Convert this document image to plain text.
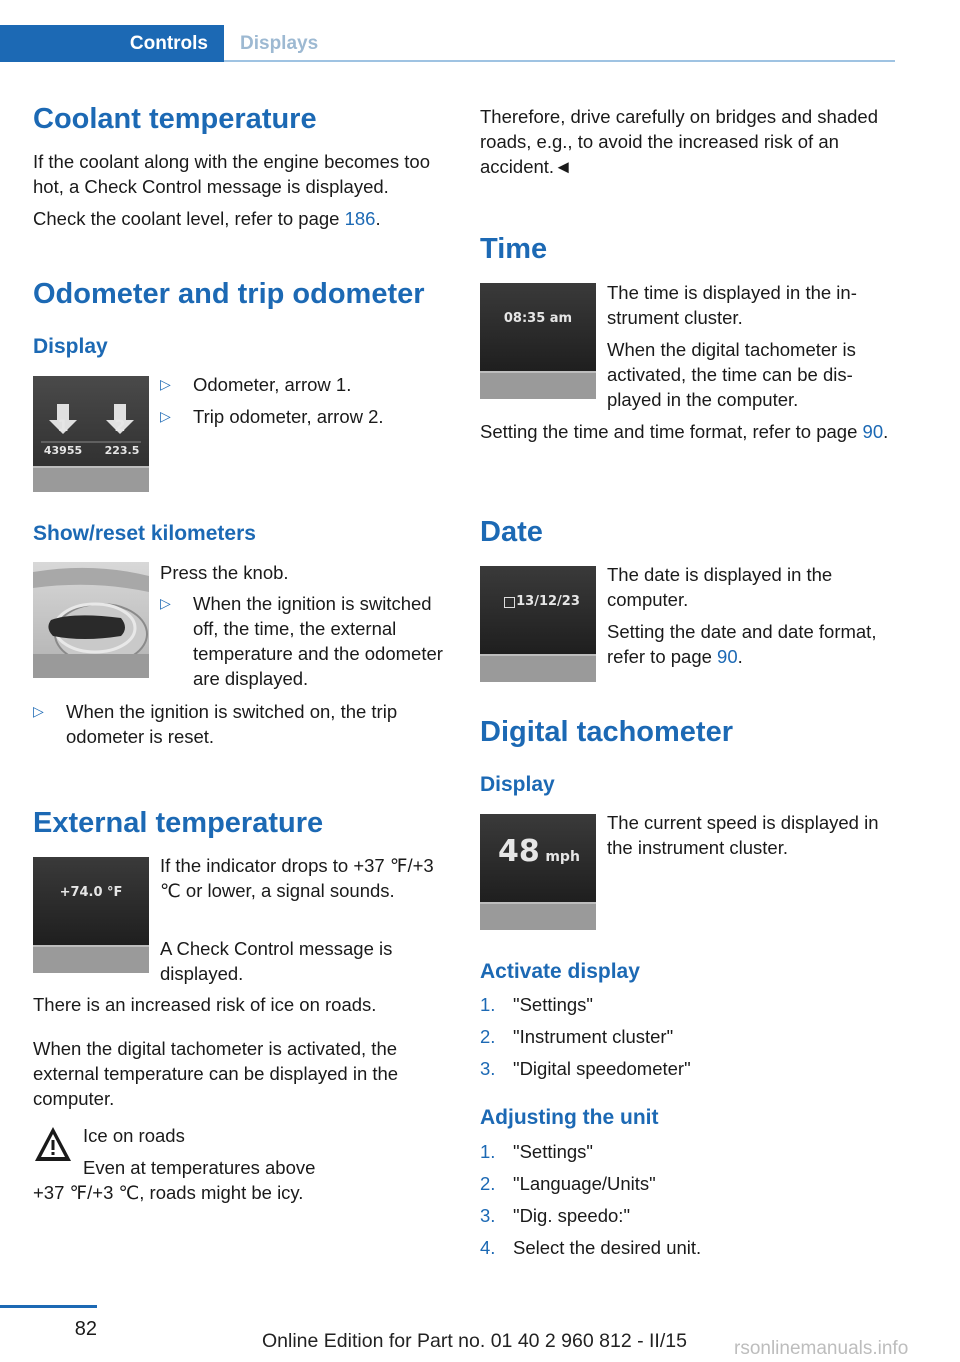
Controls	Displays
Coolant temperature
If the coolant along with the engine becomes too hot, a Check Control message is displayed.
Check the coolant level, refer to page 186.
Odometer and trip odometer
Display
1	2
43955	223.5
▷ Odometer, arrow 1.
▷ Trip odometer, arrow 2.
Show/reset kilometers
Press the knob.
▷ When the ignition is switched off, the time, the external temperature and the odometer are displayed.
▷ When the ignition is switched on, the trip odometer is reset.
External temperature
+74.0 °F
If the indicator drops to +37 ℉/+3 ℃ or lower, a signal sounds.
A Check Control message is displayed.
There is an increased risk of ice on roads.
When the digital tachometer is activated, the external temperature can be displayed in the computer.
Ice on roads
Even at temperatures above
+37 ℉/+3 ℃, roads might be icy.
Therefore, drive carefully on bridges and shaded roads, e.g., to avoid the increased risk of an accident.◄
Time
08:35 am
The time is displayed in the instrument cluster.
When the digital tachometer is activated, the time can be displayed in the computer.
Setting the time and time format, refer to page 90.
Date
13/12/23
The date is displayed in the computer.
Setting the date and date format, refer to page 90.
Digital tachometer
Display
48 mph
The current speed is displayed in the instrument cluster.
Activate display
1. "Settings"
2. "Instrument cluster"
3. "Digital speedometer"
Adjusting the unit
1. "Settings"
2. "Language/Units"
3. "Dig. speedo:"
4. Select the desired unit.
82
Online Edition for Part no. 01 40 2 960 812 - II/15 rsonlinemanuals.info
